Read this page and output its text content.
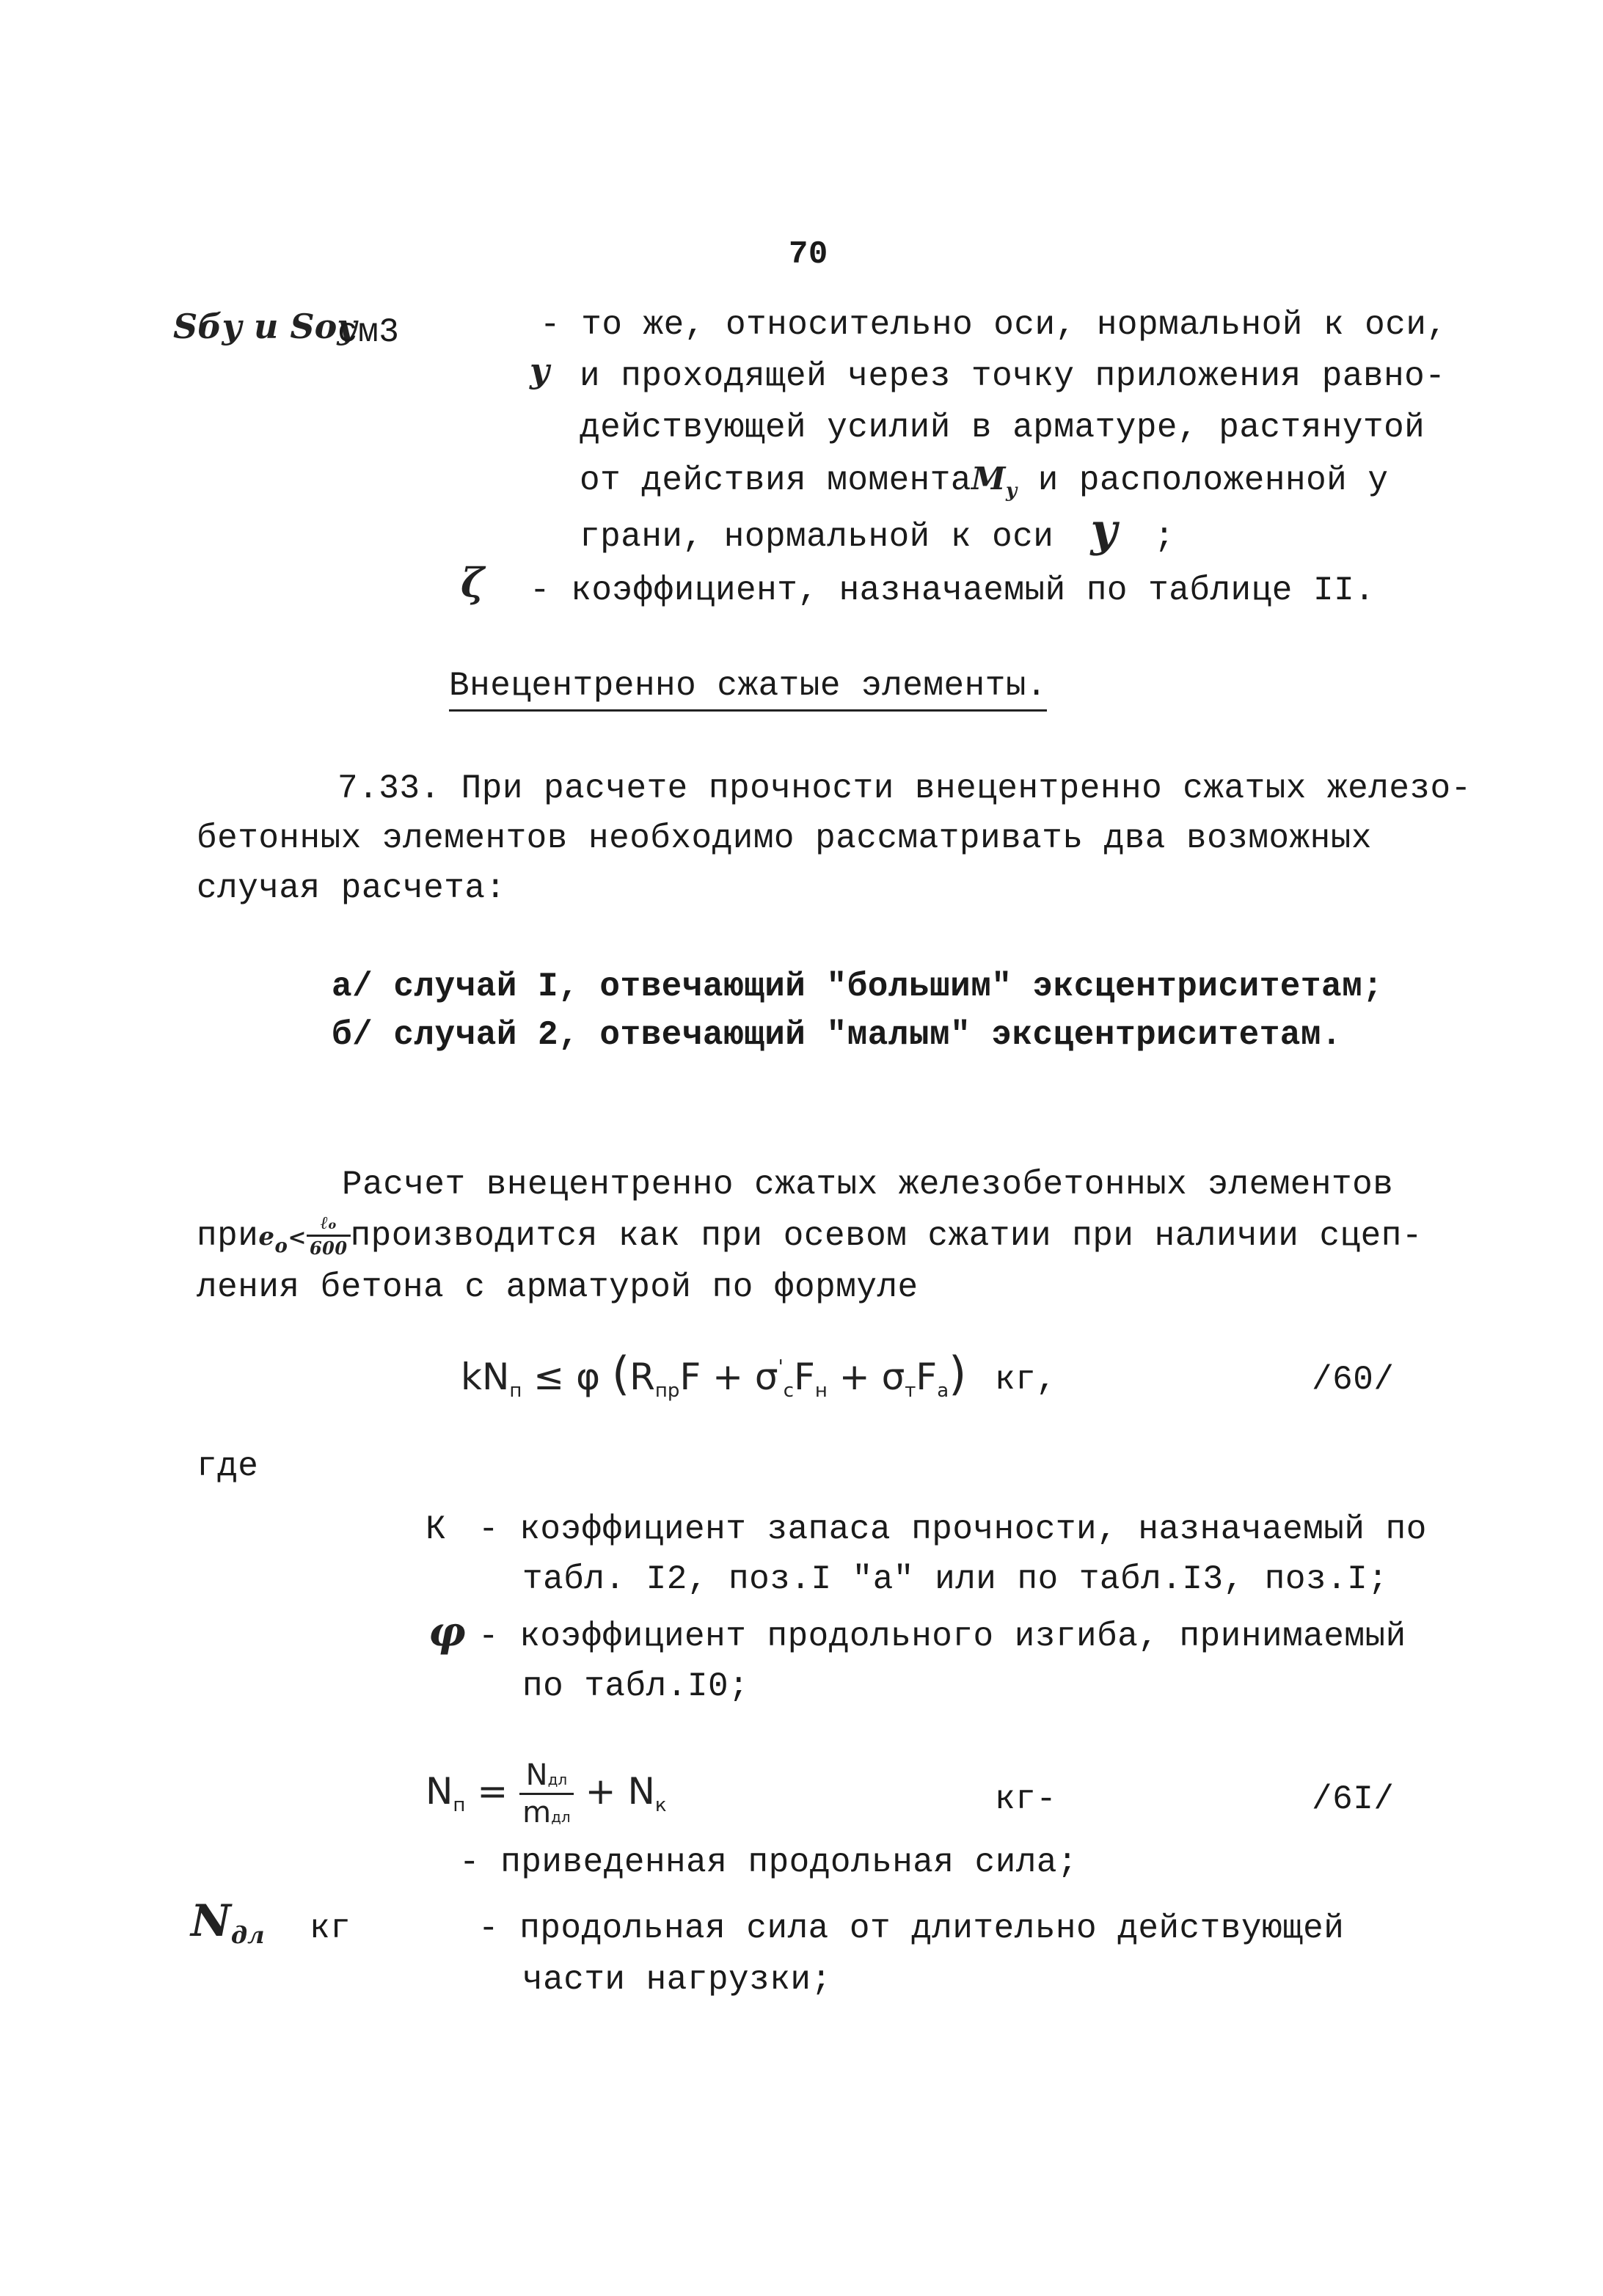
70
Sбу и Sоу
см3	- то же, относительно оси, нормальной к оси,
y и проходящей через точку приложения равно-
действующей усилий в арматуре, растянутой
от действия моментаM$_y$ и расположенной у
грани, нормальной к оси y ;
ζ - коэффициент, назначаемый по таблице II.
Внецентренно сжатые элементы.
7.33. При расчете прочности внецентренно сжатых железо-
бетонных элементов необходимо рассматривать два возможных
случая расчета:
а/ случай I, отвечающий "большим" эксцентриситетам;
б/ случай 2, отвечающий "малым" эксцентриситетам.
Расчет внецентренно сжатых железобетонных элементов
приe$_o$< $\frac{\text{ℓo}}{600}$ производится как при осевом сжатии при наличии сцеп-
ления бетона с арматурой по формуле
$kN_п \le \varphi$ $(R_{пр}F + \sigma'_сF_н + \sigma_тF_а)$ кг,	/60/
где
К - коэффициент запаса прочности, назначаемый по
табл. I2, поз.I "а" или по табл.I3, поз.I;
φ - коэффициент продольного изгиба, принимаемый
по табл.I0;
$N_п = \frac{\text{Nдл}}{\text{mдл}} + N_к$	кг-	/6I/
- приведенная продольная сила;
$N_{дл}$ кг	- продольная сила от длительно действующей
части нагрузки;
